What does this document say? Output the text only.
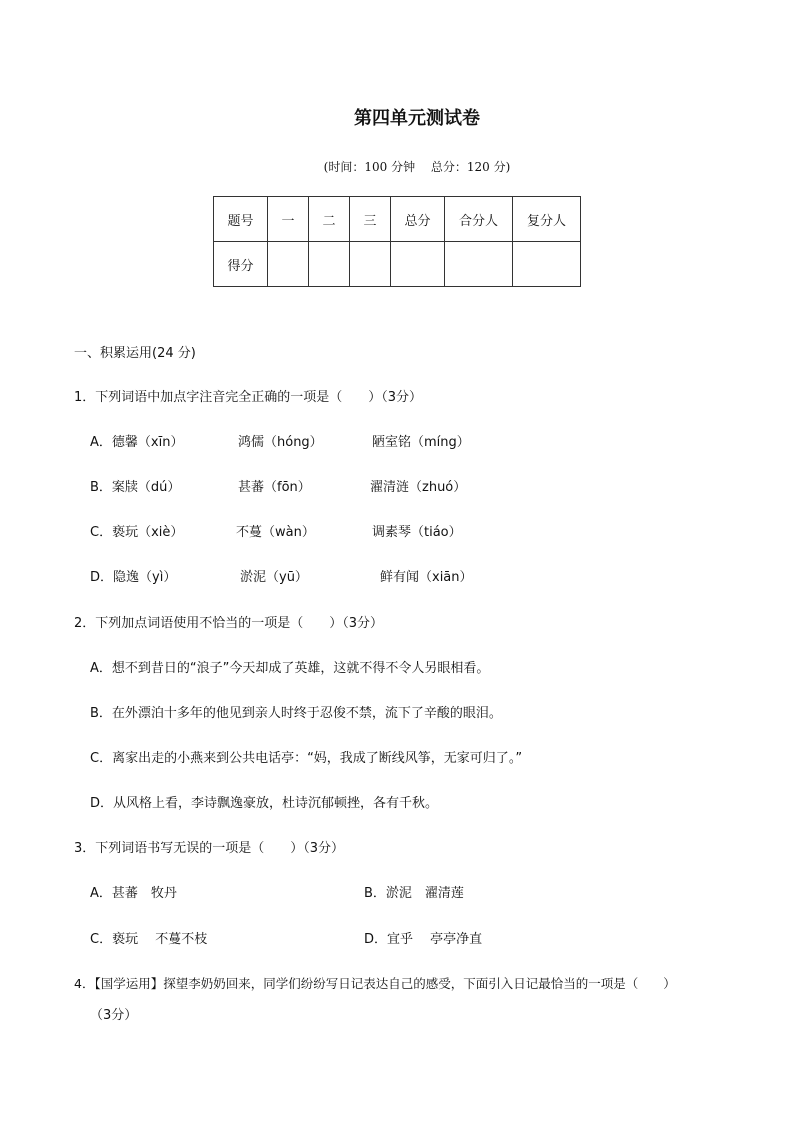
第四单元测试卷
(时间：100 分钟 总分：120 分)
题号	一	二	三	总分	合分人	复分人
得分						
一、积累运用(24 分)
1．下列词语中加点字注音完全正确的一项是（　　）（3分）
A．德馨（xīn）	鸿儒（hóng）	陋室铭（míng）
B．案牍（dú）	甚蕃（fōn）	濯清涟（zhuó）
C．亵玩（xiè）	不蔓（wàn）	调素琴（tiáo）
D．隐逸（yì）	淤泥（yū）	鲜有闻（xiān）
2．下列加点词语使用不恰当的一项是（　　）（3分）
A．想不到昔日的“浪子”今天却成了英雄，这就不得不令人另眼相看。
B．在外漂泊十多年的他见到亲人时终于忍俊不禁，流下了辛酸的眼泪。
C．离家出走的小燕来到公共电话亭：“妈，我成了断线风筝，无家可归了。”
D．从风格上看，李诗飘逸豪放，杜诗沉郁顿挫，各有千秋。
3．下列词语书写无误的一项是（　　）（3分）
A．甚蕃　牧丹	B．淤泥　濯清莲
C．亵玩　 不蔓不枝	D．宜乎　 亭亭净直
4．【国学运用】探望李奶奶回来，同学们纷纷写日记表达自己的感受，下面引入日记最恰当的一项是（　　）
（3分）
